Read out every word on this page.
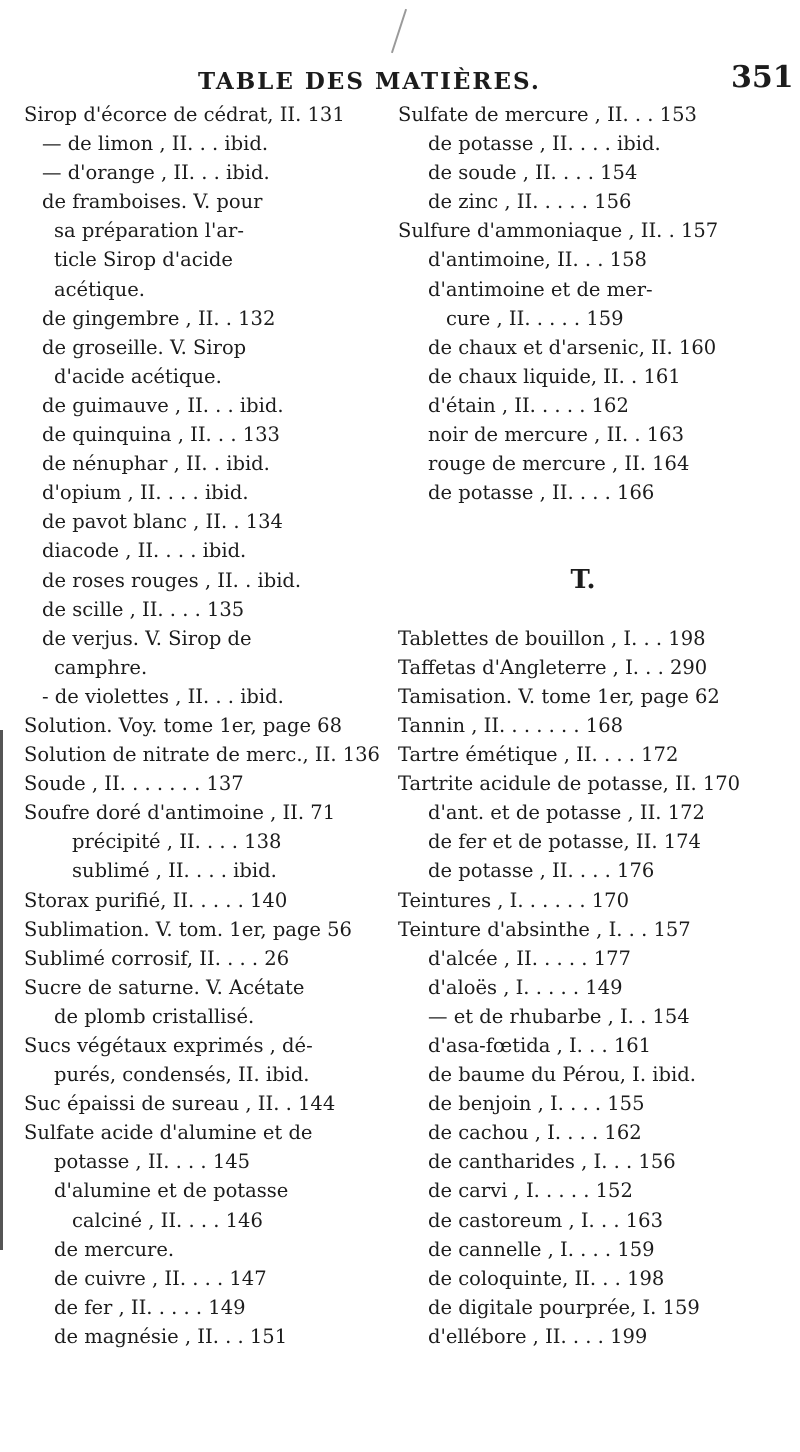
TABLE DES MATIÈRES.	351
Sirop d'écorce de cédrat, II. 131
— de limon , II. . . ibid.
— d'orange , II. . . ibid.
de framboises. V. pour
sa préparation l'ar-
ticle Sirop d'acide
acétique.
de gingembre , II. . 132
de groseille. V. Sirop
d'acide acétique.
de guimauve , II. . . ibid.
de quinquina , II. . . 133
de nénuphar , II. . ibid.
d'opium , II. . . . ibid.
de pavot blanc , II. . 134
diacode , II. . . . ibid.
de roses rouges , II. . ibid.
de scille , II. . . . 135
de verjus. V. Sirop de
camphre.
- de violettes , II. . . ibid.
Solution. Voy. tome 1er, page 68
Solution de nitrate de merc., II. 136
Soude , II. . . . . . . 137
Soufre doré d'antimoine , II. 71
précipité , II. . . . 138
sublimé , II. . . . ibid.
Storax purifié, II. . . . . 140
Sublimation. V. tom. 1er, page 56
Sublimé corrosif, II. . . . 26
Sucre de saturne. V. Acétate
de plomb cristallisé.
Sucs végétaux exprimés , dé-
purés, condensés, II. ibid.
Suc épaissi de sureau , II. . 144
Sulfate acide d'alumine et de
potasse , II. . . . 145
d'alumine et de potasse
calciné , II. . . . 146
de mercure.
de cuivre , II. . . . 147
de fer , II. . . . . 149
de magnésie , II. . . 151
Sulfate de mercure , II. . . 153
de potasse , II. . . . ibid.
de soude , II. . . . 154
de zinc , II. . . . . 156
Sulfure d'ammoniaque , II. . 157
d'antimoine, II. . . 158
d'antimoine et de mer-
cure , II. . . . . 159
de chaux et d'arsenic, II. 160
de chaux liquide, II. . 161
d'étain , II. . . . . 162
noir de mercure , II. . 163
rouge de mercure , II. 164
de potasse , II. . . . 166
T.
Tablettes de bouillon , I. . . 198
Taffetas d'Angleterre , I. . . 290
Tamisation. V. tome 1er, page 62
Tannin , II. . . . . . . 168
Tartre émétique , II. . . . 172
Tartrite acidule de potasse, II. 170
d'ant. et de potasse , II. 172
de fer et de potasse, II. 174
de potasse , II. . . . 176
Teintures , I. . . . . . 170
Teinture d'absinthe , I. . . 157
d'alcée , II. . . . . 177
d'aloës , I. . . . . 149
— et de rhubarbe , I. . 154
d'asa-fœtida , I. . . 161
de baume du Pérou, I. ibid.
de benjoin , I. . . . 155
de cachou , I. . . . 162
de cantharides , I. . . 156
de carvi , I. . . . . 152
de castoreum , I. . . 163
de cannelle , I. . . . 159
de coloquinte, II. . . 198
de digitale pourprée, I. 159
d'ellébore , II. . . . 199
